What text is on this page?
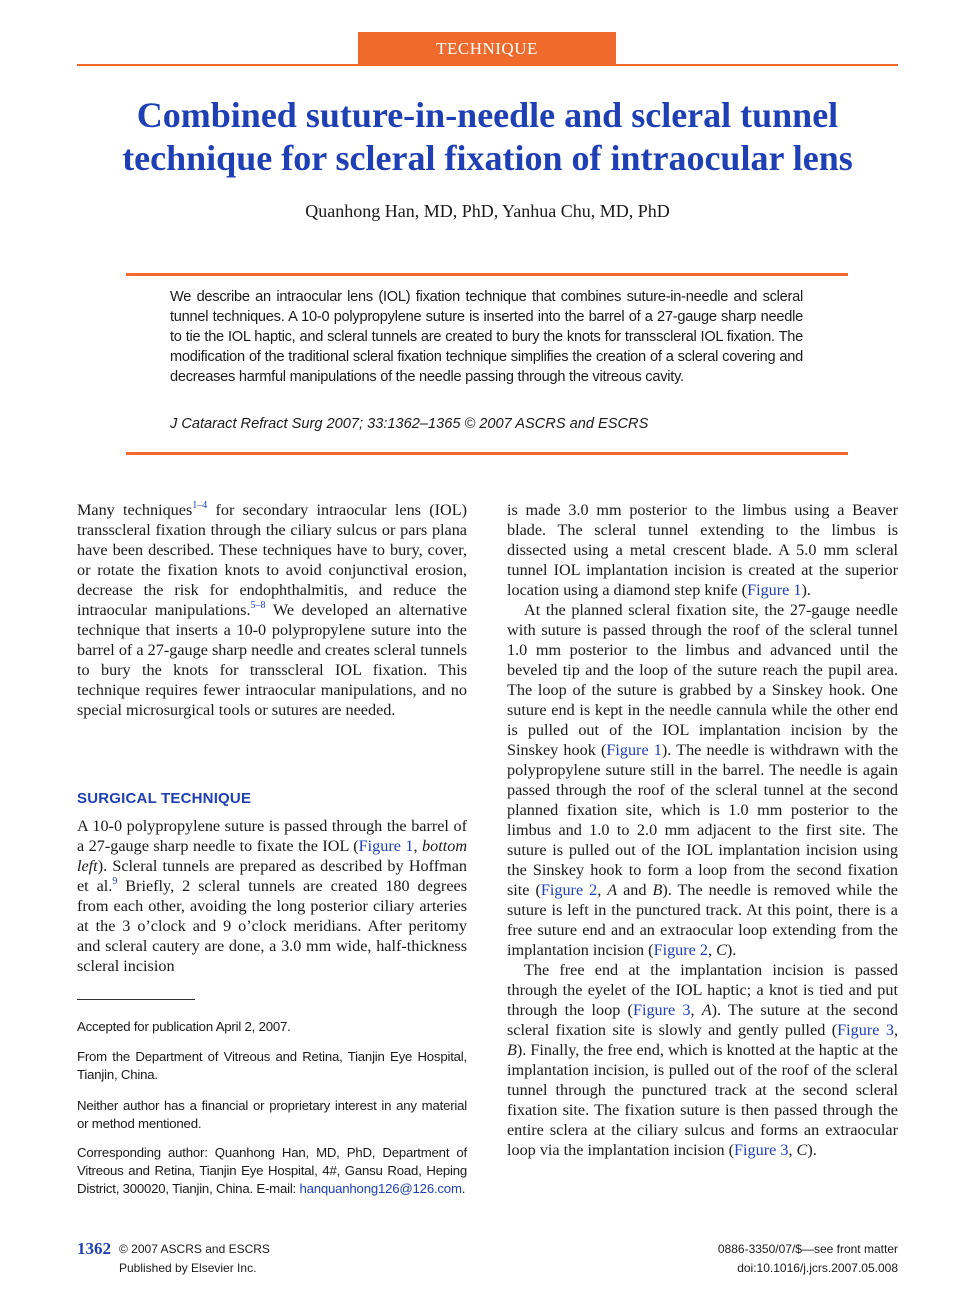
TECHNIQUE
Combined suture-in-needle and scleral tunnel
technique for scleral fixation of intraocular lens
Quanhong Han, MD, PhD, Yanhua Chu, MD, PhD
We describe an intraocular lens (IOL) fixation technique that combines suture-in-needle and scleral tunnel techniques. A 10-0 polypropylene suture is inserted into the barrel of a 27-gauge sharp needle to tie the IOL haptic, and scleral tunnels are created to bury the knots for transscleral IOL fixation. The modification of the traditional scleral fixation technique simplifies the creation of a scleral covering and decreases harmful manipulations of the needle passing through the vitreous cavity.
J Cataract Refract Surg 2007; 33:1362–1365 © 2007 ASCRS and ESCRS

Many techniques$^{1-4}$ for secondary intraocular lens (IOL) transscleral fixation through the ciliary sulcus or pars plana have been described. These techniques have to bury, cover, or rotate the fixation knots to avoid conjunctival erosion, decrease the risk for endophthalmitis, and reduce the intraocular manipulations.$^{5-8}$ We developed an alternative technique that inserts a 10-0 polypropylene suture into the barrel of a 27-gauge sharp needle and creates scleral tunnels to bury the knots for transscleral IOL fixation. This technique requires fewer intraocular manipulations, and no special microsurgical tools or sutures are needed.

SURGICAL TECHNIQUE

A 10-0 polypropylene suture is passed through the barrel of a 27-gauge sharp needle to fixate the IOL (Figure 1, bottom left). Scleral tunnels are prepared as described by Hoffman et al.$^9$ Briefly, 2 scleral tunnels are created 180 degrees from each other, avoiding the long posterior ciliary arteries at the 3 o’clock and 9 o’clock meridians. After peritomy and scleral cautery are done, a 3.0 mm wide, half-thickness scleral incision

Accepted for publication April 2, 2007.
From the Department of Vitreous and Retina, Tianjin Eye Hospital, Tianjin, China.
Neither author has a financial or proprietary interest in any material or method mentioned.
Corresponding author: Quanhong Han, MD, PhD, Department of Vitreous and Retina, Tianjin Eye Hospital, 4#, Gansu Road, Heping District, 300020, Tianjin, China. E-mail: hanquanhong126@126.com.

is made 3.0 mm posterior to the limbus using a Beaver blade. The scleral tunnel extending to the limbus is dissected using a metal crescent blade. A 5.0 mm scleral tunnel IOL implantation incision is created at the superior location using a diamond step knife (Figure 1).

At the planned scleral fixation site, the 27-gauge needle with suture is passed through the roof of the scleral tunnel 1.0 mm posterior to the limbus and advanced until the beveled tip and the loop of the suture reach the pupil area. The loop of the suture is grabbed by a Sinskey hook. One suture end is kept in the needle cannula while the other end is pulled out of the IOL implantation incision by the Sinskey hook (Figure 1). The needle is withdrawn with the polypropylene suture still in the barrel. The needle is again passed through the roof of the scleral tunnel at the second planned fixation site, which is 1.0 mm posterior to the limbus and 1.0 to 2.0 mm adjacent to the first site. The suture is pulled out of the IOL implantation incision using the Sinskey hook to form a loop from the second fixation site (Figure 2, A and B). The needle is removed while the suture is left in the punctured track. At this point, there is a free suture end and an extraocular loop extending from the implantation incision (Figure 2, C).

The free end at the implantation incision is passed through the eyelet of the IOL haptic; a knot is tied and put through the loop (Figure 3, A). The suture at the second scleral fixation site is slowly and gently pulled (Figure 3, B). Finally, the free end, which is knotted at the haptic at the implantation incision, is pulled out of the roof of the scleral tunnel through the punctured track at the second scleral fixation site. The fixation suture is then passed through the entire sclera at the ciliary sulcus and forms an extraocular loop via the implantation incision (Figure 3, C).

1362 © 2007 ASCRS and ESCRS
Published by Elsevier Inc.
0886-3350/07/$—see front matter
doi:10.1016/j.jcrs.2007.05.008
